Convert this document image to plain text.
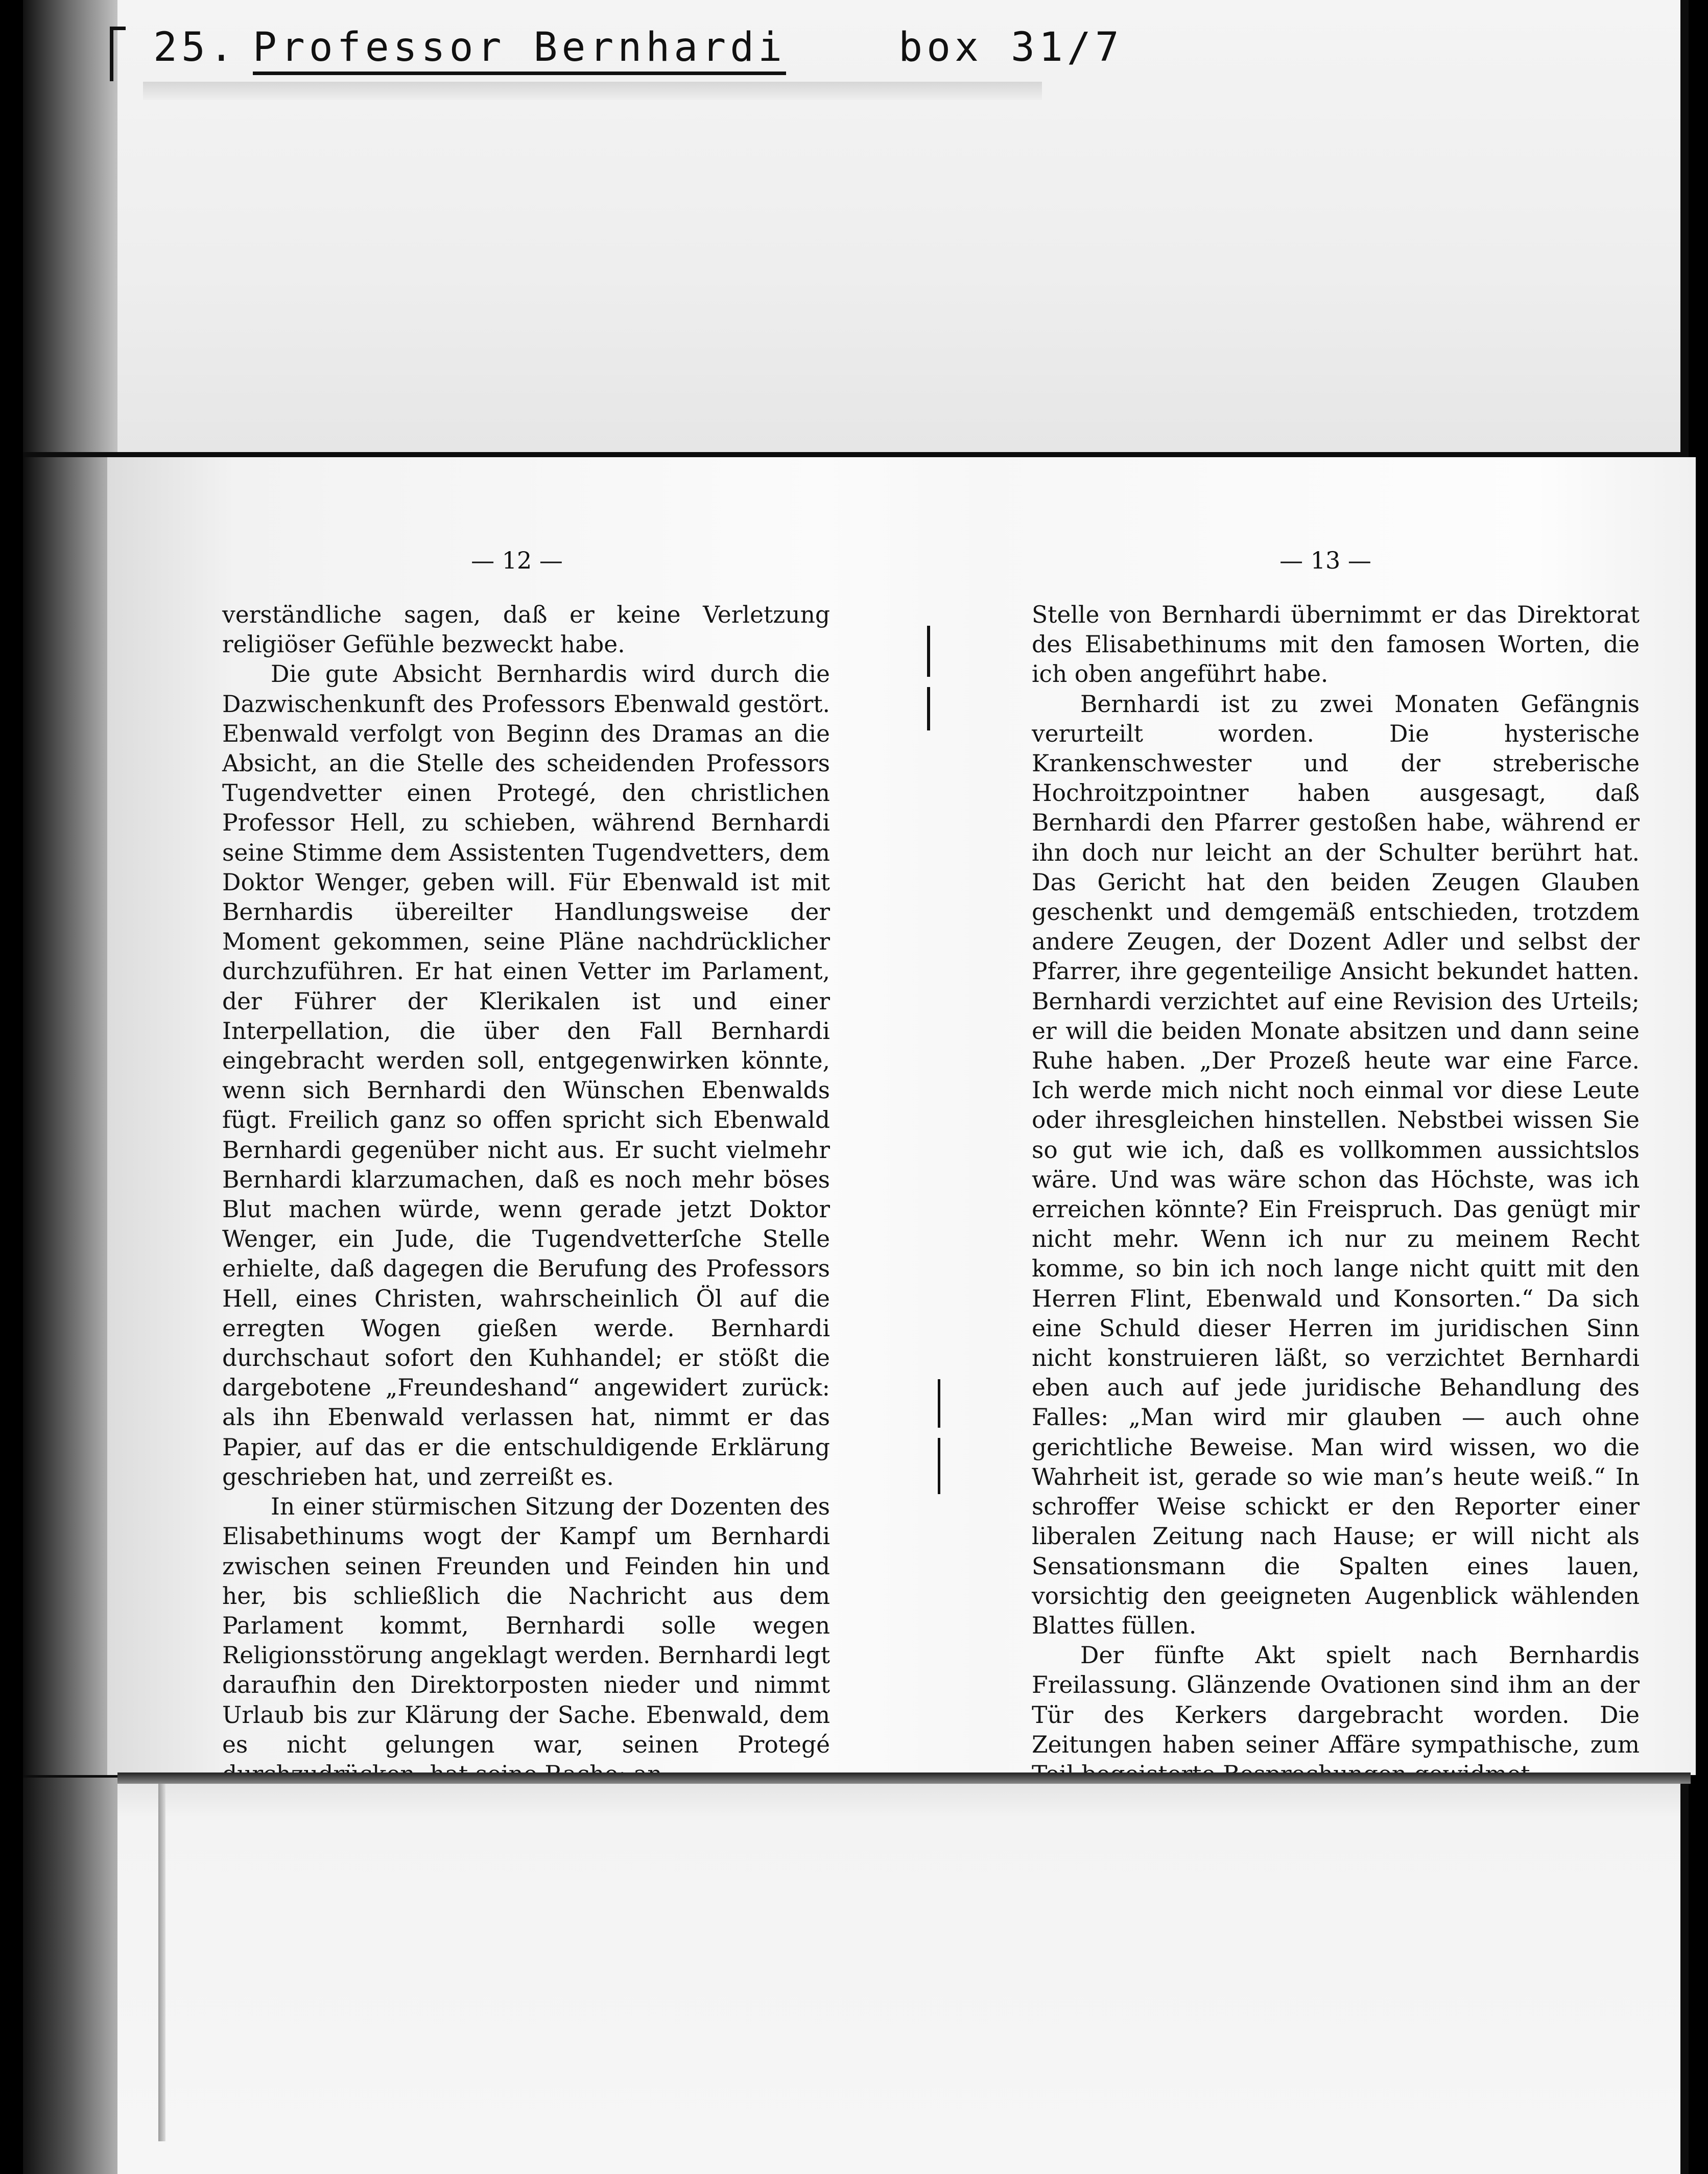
25. Professor Bernhardi	box 31/7
— 12 —	— 13 —

verständliche sagen, daß er keine Verletzung religiöser Gefühle bezweckt habe.

Die gute Absicht Bernhardis wird durch die Dazwischenkunft des Professors Ebenwald gestört. Ebenwald verfolgt von Beginn des Dramas an die Absicht, an die Stelle des scheidenden Professors Tugendvetter einen Protegé, den christlichen Professor Hell, zu schieben, während Bernhardi seine Stimme dem Assistenten Tugendvetters, dem Doktor Wenger, geben will. Für Ebenwald ist mit Bernhardis übereilter Handlungsweise der Moment gekommen, seine Pläne nachdrücklicher durchzuführen. Er hat einen Vetter im Parlament, der Führer der Klerikalen ist und einer Interpellation, die über den Fall Bernhardi eingebracht werden soll, entgegenwirken könnte, wenn sich Bernhardi den Wünschen Ebenwalds fügt. Freilich ganz so offen spricht sich Ebenwald Bernhardi gegenüber nicht aus. Er sucht vielmehr Bernhardi klarzumachen, daß es noch mehr böses Blut machen würde, wenn gerade jetzt Doktor Wenger, ein Jude, die Tugendvetterſche Stelle erhielte, daß dagegen die Berufung des Professors Hell, eines Christen, wahrscheinlich Öl auf die erregten Wogen gießen werde. Bernhardi durchschaut sofort den Kuhhandel; er stößt die dargebotene „Freundeshand“ angewidert zurück: als ihn Ebenwald verlassen hat, nimmt er das Papier, auf das er die entschuldigende Erklärung geschrieben hat, und zerreißt es.

In einer stürmischen Sitzung der Dozenten des Elisabethinums wogt der Kampf um Bernhardi zwischen seinen Freunden und Feinden hin und her, bis schließlich die Nachricht aus dem Parlament kommt, Bernhardi solle wegen Religionsstörung angeklagt werden. Bernhardi legt daraufhin den Direktorposten nieder und nimmt Urlaub bis zur Klärung der Sache. Ebenwald, dem es nicht gelungen war, seinen Protegé

Stelle von Bernhardi übernimmt er das Direktorat des Elisabethinums mit den famosen Worten, die ich oben angeführt habe.

Bernhardi ist zu zwei Monaten Gefängnis verurteilt worden. Die hysterische Krankenschwester und der streberische Hochroitzpointner haben ausgesagt, daß Bernhardi den Pfarrer gestoßen habe, während er ihn doch nur leicht an der Schulter berührt hat. Das Gericht hat den beiden Zeugen Glauben geschenkt und demgemäß entschieden, trotzdem andere Zeugen, der Dozent Adler und selbst der Pfarrer, ihre gegenteilige Ansicht bekundet hatten. Bernhardi verzichtet auf eine Revision des Urteils; er will die beiden Monate absitzen und dann seine Ruhe haben. „Der Prozeß heute war eine Farce. Ich werde mich nicht noch einmal vor diese Leute oder ihresgleichen hinstellen. Nebstbei wissen Sie so gut wie ich, daß es vollkommen aussichtslos wäre. Und was wäre schon das Höchste, was ich erreichen könnte? Ein Freispruch. Das genügt mir nicht mehr. Wenn ich nur zu meinem Recht komme, so bin ich noch lange nicht quitt mit den Herren Flint, Ebenwald und Konsorten.“ Da sich eine Schuld dieser Herren im juridischen Sinn nicht konstruieren läßt, so verzichtet Bernhardi eben auch auf jede juridische Behandlung des Falles: „Man wird mir glauben — auch ohne gerichtliche Beweise. Man wird wissen, wo die Wahrheit ist, gerade so wie man’s heute weiß.“ In schroffer Weise schickt er den Reporter einer liberalen Zeitung nach Hause; er will nicht als Sensationsmann die Spalten eines lauen, vorsichtig den geeigneten Augenblick wählenden Blattes füllen.

Der fünfte Akt spielt nach Bernhardis Freilassung. Glänzende Ovationen sind ihm an der Tür des Kerkers dargebracht worden. Die Zeitungen haben seiner Affäre sympathische, zum
